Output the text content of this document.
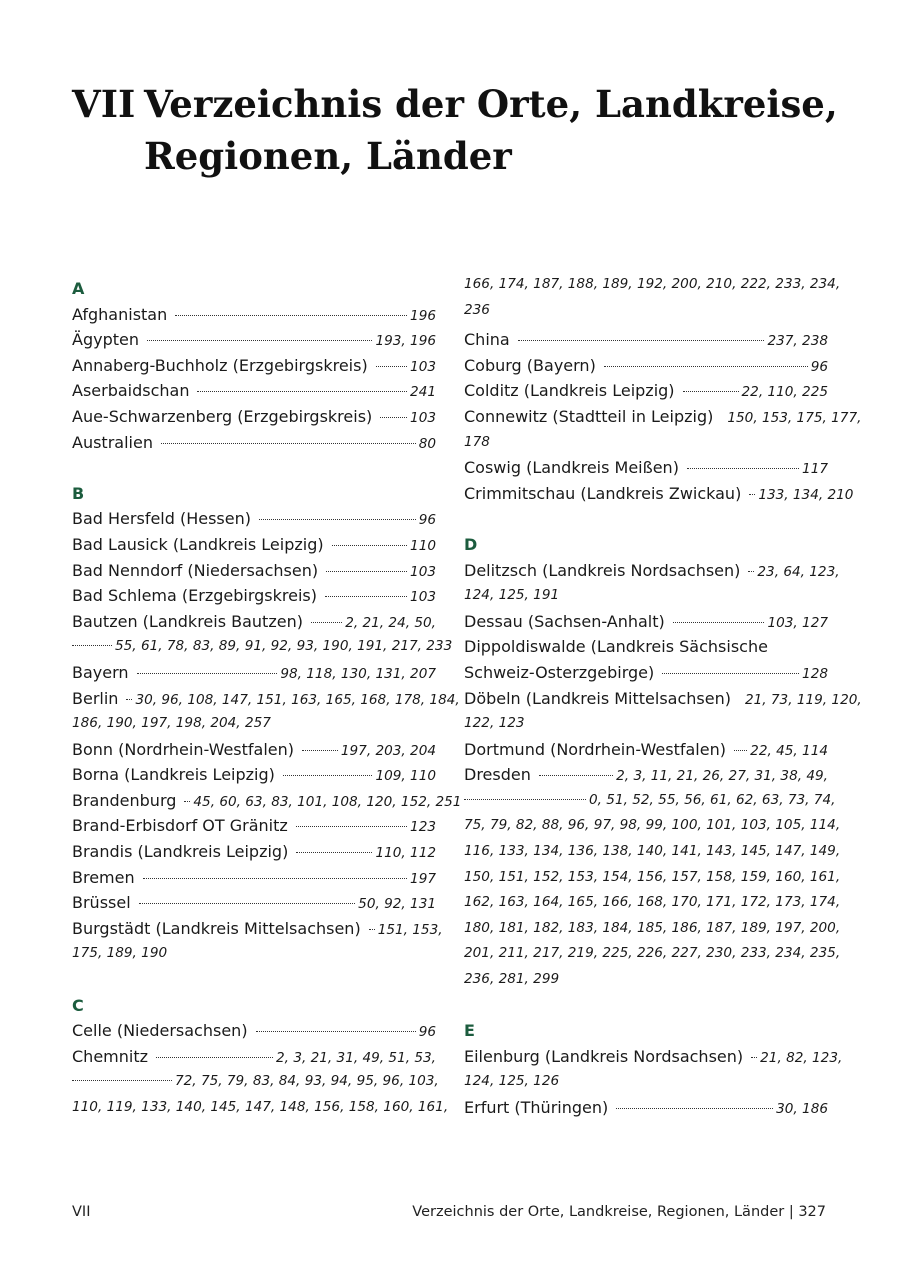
VII Verzeichnis der Orte, Landkreise,
Regionen, Länder
A
Afghanistan	196
Ägypten	193, 196
Annaberg-Buchholz (Erzgebirgskreis)	103
Aserbaidschan	241
Aue-Schwarzenberg (Erzgebirgskreis)	103
Australien	80
B
Bad Hersfeld (Hessen)	96
Bad Lausick (Landkreis Leipzig)	110
Bad Nenndorf (Niedersachsen)	103
Bad Schlema (Erzgebirgskreis)	103
Bautzen (Landkreis Bautzen)	2, 21, 24, 50,
55, 61, 78, 83, 89, 91, 92, 93, 190, 191, 217, 233
Bayern	98, 118, 130, 131, 207
Berlin 30, 96, 108, 147, 151, 163, 165, 168, 178, 184,
186, 190, 197, 198, 204, 257
Bonn (Nordrhein-Westfalen)	197, 203, 204
Borna (Landkreis Leipzig)	109, 110
Brandenburg 45, 60, 63, 83, 101, 108, 120, 152, 251
Brand-Erbisdorf OT Gränitz	123
Brandis (Landkreis Leipzig)	110, 112
Bremen	197
Brüssel	50, 92, 131
Burgstädt (Landkreis Mittelsachsen) 151, 153,
175, 189, 190
C
Celle (Niedersachsen)	96
Chemnitz	2, 3, 21, 31, 49, 51, 53,
72, 75, 79, 83, 84, 93, 94, 95, 96, 103,
110, 119, 133, 140, 145, 147, 148, 156, 158, 160, 161,
166, 174, 187, 188, 189, 192, 200, 210, 222, 233, 234,
236
China	237, 238
Coburg (Bayern)	96
Colditz (Landkreis Leipzig)	22, 110, 225
Connewitz (Stadtteil in Leipzig) 150, 153, 175, 177,
178
Coswig (Landkreis Meißen)	117
Crimmitschau (Landkreis Zwickau) 133, 134, 210
D
Delitzsch (Landkreis Nordsachsen) 23, 64, 123,
124, 125, 191
Dessau (Sachsen-Anhalt)	103, 127
Dippoldiswalde (Landkreis Sächsische
Schweiz-Osterzgebirge)	128
Döbeln (Landkreis Mittelsachsen) 21, 73, 119, 120,
122, 123
Dortmund (Nordrhein-Westfalen) 22, 45, 114
Dresden	2, 3, 11, 21, 26, 27, 31, 38, 49,
0, 51, 52, 55, 56, 61, 62, 63, 73, 74,
75, 79, 82, 88, 96, 97, 98, 99, 100, 101, 103, 105, 114,
116, 133, 134, 136, 138, 140, 141, 143, 145, 147, 149,
150, 151, 152, 153, 154, 156, 157, 158, 159, 160, 161,
162, 163, 164, 165, 166, 168, 170, 171, 172, 173, 174,
180, 181, 182, 183, 184, 185, 186, 187, 189, 197, 200,
201, 211, 217, 219, 225, 226, 227, 230, 233, 234, 235,
236, 281, 299
E
Eilenburg (Landkreis Nordsachsen) 21, 82, 123,
124, 125, 126
Erfurt (Thüringen)	30, 186
VII	Verzeichnis der Orte, Landkreise, Regionen, Länder | 327
